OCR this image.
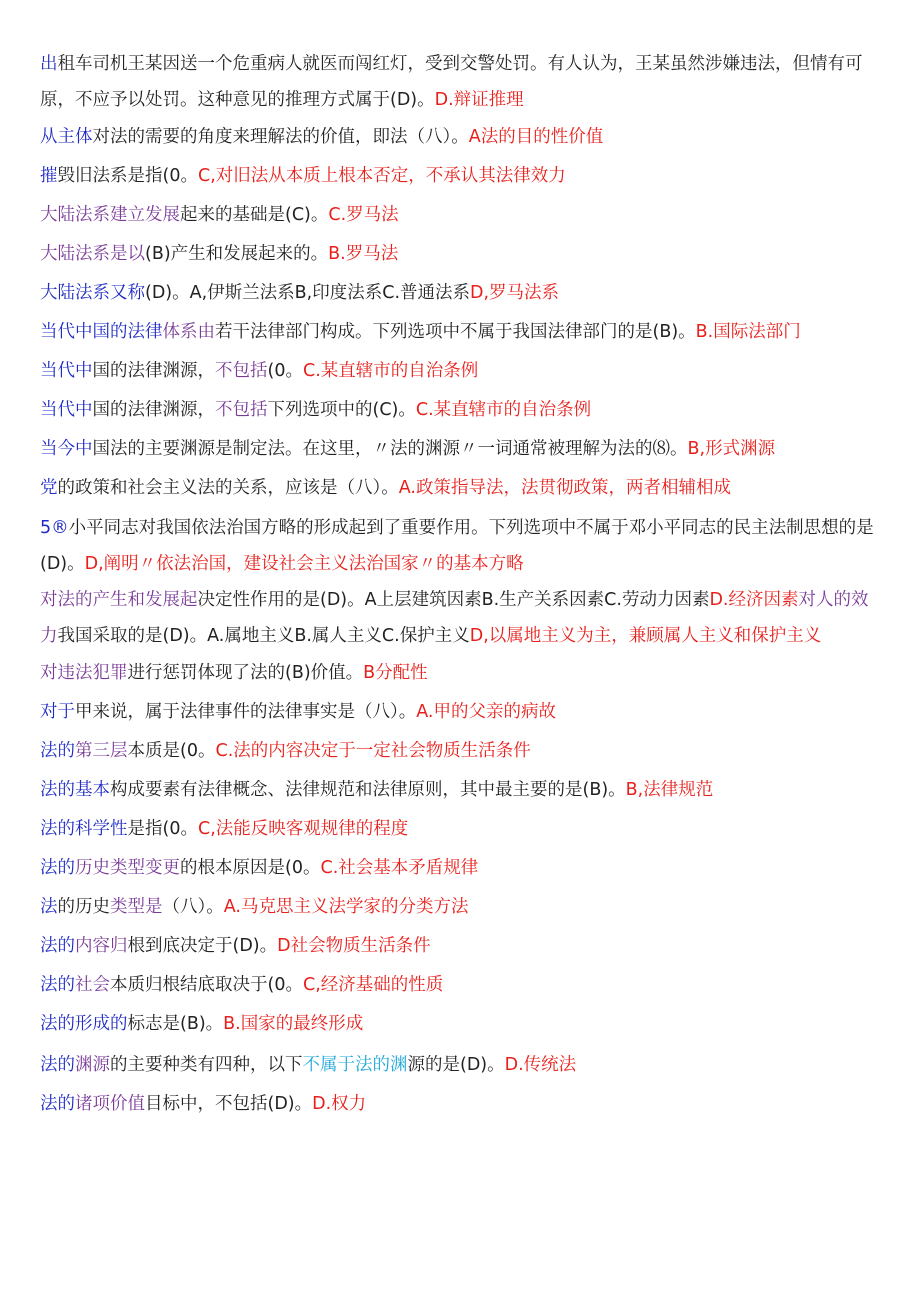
出租车司机王某因送一个危重病人就医而闯红灯，受到交警处罚。有人认为，王某虽然涉嫌违法，但情有可原，不应予以处罚。这种意见的推理方式属于(D)。D.辩证推理
从主体对法的需要的角度来理解法的价值，即法（八）。A法的目的性价值
摧毁旧法系是指(0。C,对旧法从本质上根本否定，不承认其法律效力
大陆法系建立发展起来的基础是(C)。C.罗马法
大陆法系是以(B)产生和发展起来的。B.罗马法
大陆法系又称(D)。A,伊斯兰法系B,印度法系C.普通法系D,罗马法系
当代中国的法律体系由若干法律部门构成。下列选项中不属于我国法律部门的是(B)。B.国际法部门
当代中国的法律渊源，不包括(0。C.某直辖市的自治条例
当代中国的法律渊源，不包括下列选项中的(C)。C.某直辖市的自治条例
当今中国法的主要渊源是制定法。在这里，〃法的渊源〃一词通常被理解为法的⑻。B,形式渊源
党的政策和社会主义法的关系，应该是（八）。A.政策指导法，法贯彻政策，两者相辅相成
5®小平同志对我国依法治国方略的形成起到了重要作用。下列选项中不属于邓小平同志的民主法制思想的是(D)。D,阐明〃依法治国，建设社会主义法治国家〃的基本方略
对法的产生和发展起决定性作用的是(D)。A上层建筑因素B.生产关系因素C.劳动力因素D.经济因素对人的效力我国采取的是(D)。A.属地主义B.属人主义C.保护主义D,以属地主义为主，兼顾属人主义和保护主义
对违法犯罪进行惩罚体现了法的(B)价值。B分配性
对于甲来说，属于法律事件的法律事实是（八）。A.甲的父亲的病故
法的第三层本质是(0。C.法的内容决定于一定社会物质生活条件
法的基本构成要素有法律概念、法律规范和法律原则，其中最主要的是(B)。B,法律规范
法的科学性是指(0。C,法能反映客观规律的程度
法的历史类型变更的根本原因是(0。C.社会基本矛盾规律
法的历史类型是（八）。A.马克思主义法学家的分类方法
法的内容归根到底决定于(D)。D社会物质生活条件
法的社会本质归根结底取决于(0。C,经济基础的性质
法的形成的标志是(B)。B.国家的最终形成
法的渊源的主要种类有四种，以下不属于法的渊源的是(D)。D.传统法
法的诸项价值目标中，不包括(D)。D.权力
